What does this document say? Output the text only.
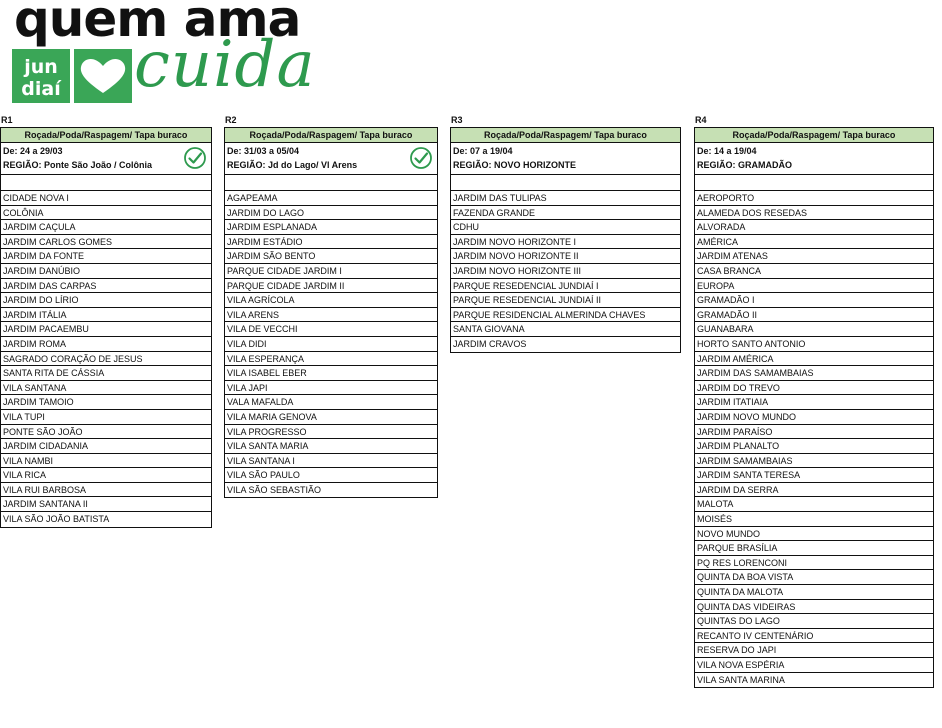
quem ama
jun
diaí cuida
R1
Roçada/Poda/Raspagem/ Tapa buraco
De: 24 a 29/03
REGIÃO: Ponte São João / Colônia
CIDADE NOVA I
COLÔNIA
JARDIM CAÇULA
JARDIM CARLOS GOMES
JARDIM DA FONTE
JARDIM DANÚBIO
JARDIM DAS CARPAS
JARDIM DO LÍRIO
JARDIM ITÁLIA
JARDIM PACAEMBU
JARDIM ROMA
SAGRADO CORAÇÃO DE JESUS
SANTA RITA DE CÁSSIA
VILA SANTANA
JARDIM TAMOIO
VILA TUPI
PONTE SÃO JOÃO
JARDIM CIDADANIA
VILA NAMBI
VILA RICA
VILA RUI BARBOSA
JARDIM SANTANA II
VILA SÃO JOÃO BATISTA
R2
Roçada/Poda/Raspagem/ Tapa buraco
De: 31/03 a 05/04
REGIÃO: Jd do Lago/ Vl Arens
AGAPEAMA
JARDIM DO LAGO
JARDIM ESPLANADA
JARDIM ESTÁDIO
JARDIM SÃO BENTO
PARQUE CIDADE JARDIM I
PARQUE CIDADE JARDIM II
VILA AGRÍCOLA
VILA ARENS
VILA DE VECCHI
VILA DIDI
VILA ESPERANÇA
VILA ISABEL EBER
VILA JAPI
VALA MAFALDA
VILA MARIA GENOVA
VILA PROGRESSO
VILA SANTA MARIA
VILA SANTANA I
VILA SÃO PAULO
VILA SÃO SEBASTIÃO
R3
Roçada/Poda/Raspagem/ Tapa buraco
De: 07 a 19/04
REGIÃO: NOVO HORIZONTE
JARDIM DAS TULIPAS
FAZENDA GRANDE
CDHU
JARDIM NOVO HORIZONTE I
JARDIM NOVO HORIZONTE II
JARDIM NOVO HORIZONTE III
PARQUE RESEDENCIAL JUNDIAÍ I
PARQUE RESEDENCIAL JUNDIAÍ II
PARQUE RESIDENCIAL ALMERINDA CHAVES
SANTA GIOVANA
JARDIM CRAVOS
R4
Roçada/Poda/Raspagem/ Tapa buraco
De: 14 a 19/04
REGIÃO: GRAMADÃO
AEROPORTO
ALAMEDA DOS RESEDAS
ALVORADA
AMÉRICA
JARDIM ATENAS
CASA BRANCA
EUROPA
GRAMADÃO I
GRAMADÃO II
GUANABARA
HORTO SANTO ANTONIO
JARDIM AMÉRICA
JARDIM DAS SAMAMBAIAS
JARDIM DO TREVO
JARDIM ITATIAIA
JARDIM NOVO MUNDO
JARDIM PARAÍSO
JARDIM PLANALTO
JARDIM SAMAMBAIAS
JARDIM SANTA TERESA
JARDIM DA SERRA
MALOTA
MOISÉS
NOVO MUNDO
PARQUE BRASÍLIA
PQ RES LORENCONI
QUINTA DA BOA VISTA
QUINTA DA MALOTA
QUINTA DAS VIDEIRAS
QUINTAS DO LAGO
RECANTO IV CENTENÁRIO
RESERVA DO JAPI
VILA NOVA ESPÉRIA
VILA SANTA MARINA
